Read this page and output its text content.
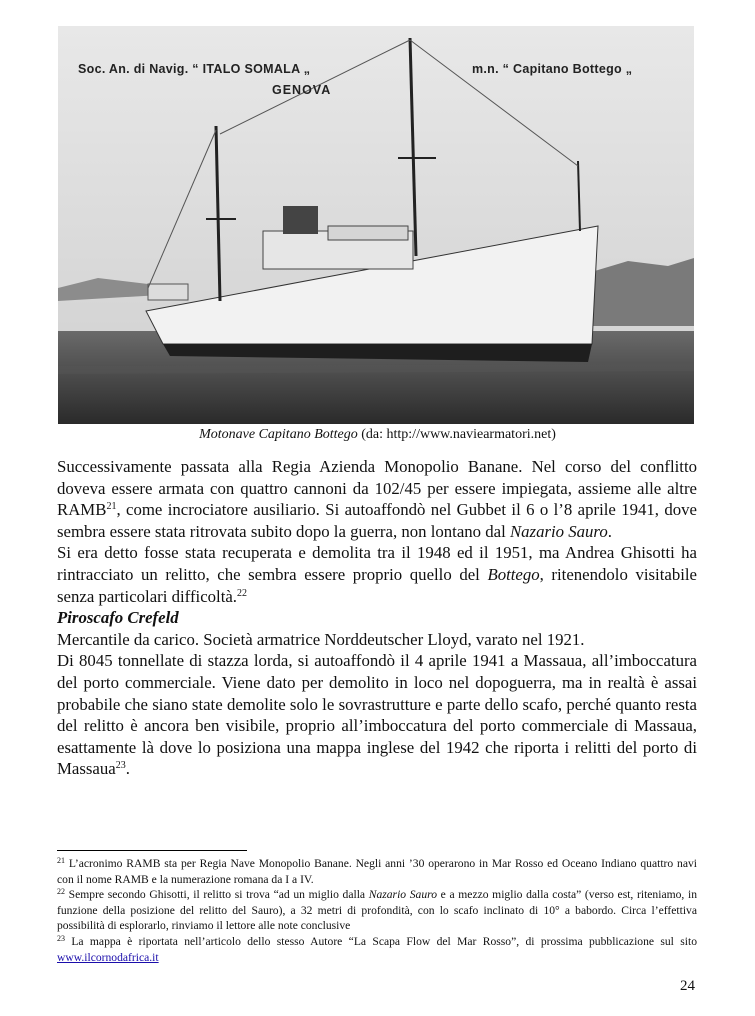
Soc. An. di Navig. “ ITALO SOMALA „
GENOVA
m.n. “ Capitano Bottego „
Motonave Capitano Bottego (da: http://www.naviearmatori.net)

Successivamente passata alla Regia Azienda Monopolio Banane. Nel corso del conflitto doveva essere armata con quattro cannoni da 102/45 per essere impiegata, assieme alle altre RAMB$^{21}$, come incrociatore ausiliario. Si autoaffondò nel Gubbet il 6 o l’8 aprile 1941, dove sembra essere stata ritrovata subito dopo la guerra, non lontano dal Nazario Sauro.

Si era detto fosse stata recuperata e demolita tra il 1948 ed il 1951, ma Andrea Ghisotti ha rintracciato un relitto, che sembra essere proprio quello del Bottego, ritenendolo visitabile senza particolari difficoltà.$^{22}$

Piroscafo Crefeld

Mercantile da carico. Società armatrice Norddeutscher Lloyd, varato nel 1921.

Di 8045 tonnellate di stazza lorda, si autoaffondò il 4 aprile 1941 a Massaua, all’imboccatura del porto commerciale. Viene dato per demolito in loco nel dopoguerra, ma in realtà è assai probabile che siano state demolite solo le sovrastrutture e parte dello scafo, perché quanto resta del relitto è ancora ben visibile, proprio all’imboccatura del porto commerciale di Massaua, esattamente là dove lo posiziona una mappa inglese del 1942 che riporta i relitti del porto di Massaua$^{23}$.

$^{21}$ L’acronimo RAMB sta per Regia Nave Monopolio Banane. Negli anni ’30 operarono in Mar Rosso ed Oceano Indiano quattro navi con il nome RAMB e la numerazione romana da I a IV.

$^{22}$ Sempre secondo Ghisotti, il relitto si trova “ad un miglio dalla Nazario Sauro e a mezzo miglio dalla costa” (verso est, riteniamo, in funzione della posizione del relitto del Sauro), a 32 metri di profondità, con lo scafo inclinato di 10° a babordo. Circa l’effettiva possibilità di esplorarlo, rinviamo il lettore alle note conclusive

$^{23}$ La mappa è riportata nell’articolo dello stesso Autore “La Scapa Flow del Mar Rosso”, di prossima pubblicazione sul sito www.ilcornodafrica.it

24
